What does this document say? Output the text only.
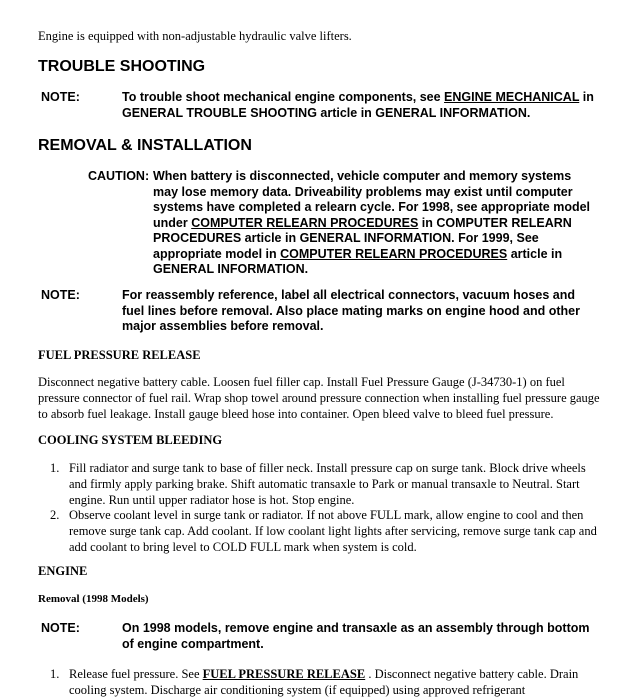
Engine is equipped with non-adjustable hydraulic valve lifters.
TROUBLE SHOOTING
NOTE:	To trouble shoot mechanical engine components, see ENGINE MECHANICAL in
GENERAL TROUBLE SHOOTING article in GENERAL INFORMATION.
REMOVAL & INSTALLATION
CAUTION: When battery is disconnected, vehicle computer and memory systems
may lose memory data. Driveability problems may exist until computer
systems have completed a relearn cycle. For 1998, see appropriate model
under COMPUTER RELEARN PROCEDURES in COMPUTER RELEARN
PROCEDURES article in GENERAL INFORMATION. For 1999, See
appropriate model in COMPUTER RELEARN PROCEDURES article in
GENERAL INFORMATION.
NOTE:	For reassembly reference, label all electrical connectors, vacuum hoses and
fuel lines before removal. Also place mating marks on engine hood and other
major assemblies before removal.
FUEL PRESSURE RELEASE
Disconnect negative battery cable. Loosen fuel filler cap. Install Fuel Pressure Gauge (J-34730-1) on fuel
pressure connector of fuel rail. Wrap shop towel around pressure connection when installing fuel pressure gauge
to absorb fuel leakage. Install gauge bleed hose into container. Open bleed valve to bleed fuel pressure.
COOLING SYSTEM BLEEDING
1. Fill radiator and surge tank to base of filler neck. Install pressure cap on surge tank. Block drive wheels
and firmly apply parking brake. Shift automatic transaxle to Park or manual transaxle to Neutral. Start
engine. Run until upper radiator hose is hot. Stop engine.
2. Observe coolant level in surge tank or radiator. If not above FULL mark, allow engine to cool and then
remove surge tank cap. Add coolant. If low coolant light lights after servicing, remove surge tank cap and
add coolant to bring level to COLD FULL mark when system is cold.
ENGINE
Removal (1998 Models)
NOTE:	On 1998 models, remove engine and transaxle as an assembly through bottom
of engine compartment.
1. Release fuel pressure. See FUEL PRESSURE RELEASE . Disconnect negative battery cable. Drain
cooling system. Discharge air conditioning system (if equipped) using approved refrigerant
